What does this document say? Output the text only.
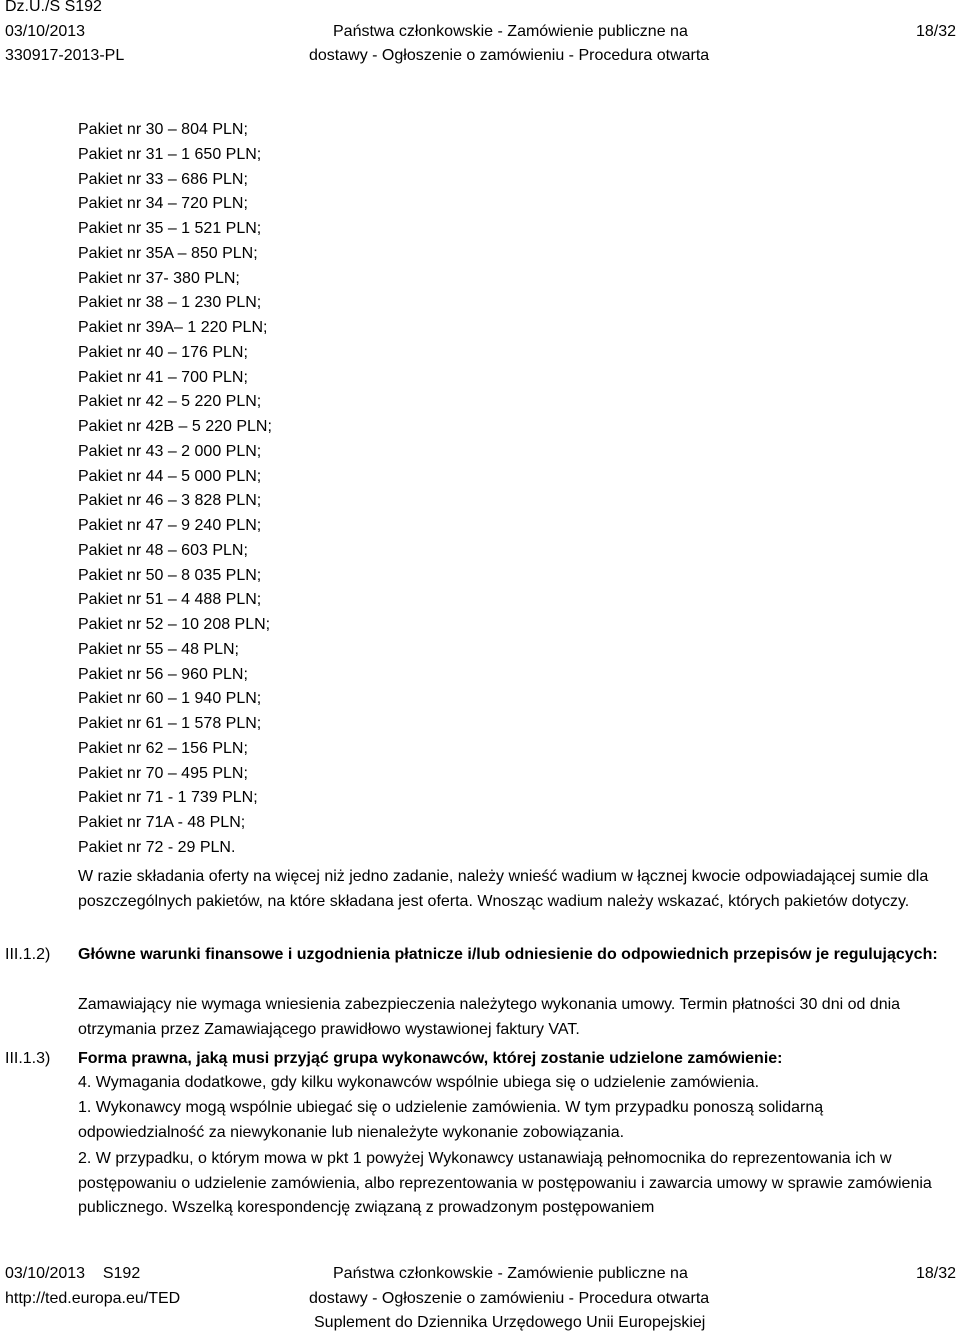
Dz.U./S S192
03/10/2013
330917-2013-PL
Państwa członkowskie - Zamówienie publiczne na
dostawy - Ogłoszenie o zamówieniu - Procedura otwarta
18/32
Pakiet nr 30 – 804 PLN;
Pakiet nr 31 – 1 650 PLN;
Pakiet nr 33 – 686 PLN;
Pakiet nr 34 – 720 PLN;
Pakiet nr 35 – 1 521 PLN;
Pakiet nr 35A – 850 PLN;
Pakiet nr 37- 380 PLN;
Pakiet nr 38 – 1 230 PLN;
Pakiet nr 39A– 1 220 PLN;
Pakiet nr 40 – 176 PLN;
Pakiet nr 41 – 700 PLN;
Pakiet nr 42 – 5 220 PLN;
Pakiet nr 42B – 5 220 PLN;
Pakiet nr 43 – 2 000 PLN;
Pakiet nr 44 – 5 000 PLN;
Pakiet nr 46 – 3 828 PLN;
Pakiet nr 47 – 9 240 PLN;
Pakiet nr 48 – 603 PLN;
Pakiet nr 50 – 8 035 PLN;
Pakiet nr 51 – 4 488 PLN;
Pakiet nr 52 – 10 208 PLN;
Pakiet nr 55 – 48 PLN;
Pakiet nr 56 – 960 PLN;
Pakiet nr 60 – 1 940 PLN;
Pakiet nr 61 – 1 578 PLN;
Pakiet nr 62 – 156 PLN;
Pakiet nr 70 – 495 PLN;
Pakiet nr 71 - 1 739 PLN;
Pakiet nr 71A - 48 PLN;
Pakiet nr 72 - 29 PLN.
W razie składania oferty na więcej niż jedno zadanie, należy wnieść wadium w łącznej kwocie odpowiadającej sumie dla poszczególnych pakietów, na które składana jest oferta. Wnosząc wadium należy wskazać, których pakietów dotyczy.
III.1.2) Główne warunki finansowe i uzgodnienia płatnicze i/lub odniesienie do odpowiednich przepisów je regulujących:
Zamawiający nie wymaga wniesienia zabezpieczenia należytego wykonania umowy. Termin płatności 30 dni od dnia otrzymania przez Zamawiającego prawidłowo wystawionej faktury VAT.
III.1.3) Forma prawna, jaką musi przyjąć grupa wykonawców, której zostanie udzielone zamówienie:
4. Wymagania dodatkowe, gdy kilku wykonawców wspólnie ubiega się o udzielenie zamówienia.
1. Wykonawcy mogą wspólnie ubiegać się o udzielenie zamówienia. W tym przypadku ponoszą solidarną odpowiedzialność za niewykonanie lub nienależyte wykonanie zobowiązania.
2. W przypadku, o którym mowa w pkt 1 powyżej Wykonawcy ustanawiają pełnomocnika do reprezentowania ich w postępowaniu o udzielenie zamówienia, albo reprezentowania w postępowaniu i zawarcia umowy w sprawie zamówienia publicznego. Wszelką korespondencję związaną z prowadzonym postępowaniem
03/10/2013    S192
http://ted.europa.eu/TED
Państwa członkowskie - Zamówienie publiczne na
dostawy - Ogłoszenie o zamówieniu - Procedura otwarta
Suplement do Dziennika Urzędowego Unii Europejskiej
18/32
